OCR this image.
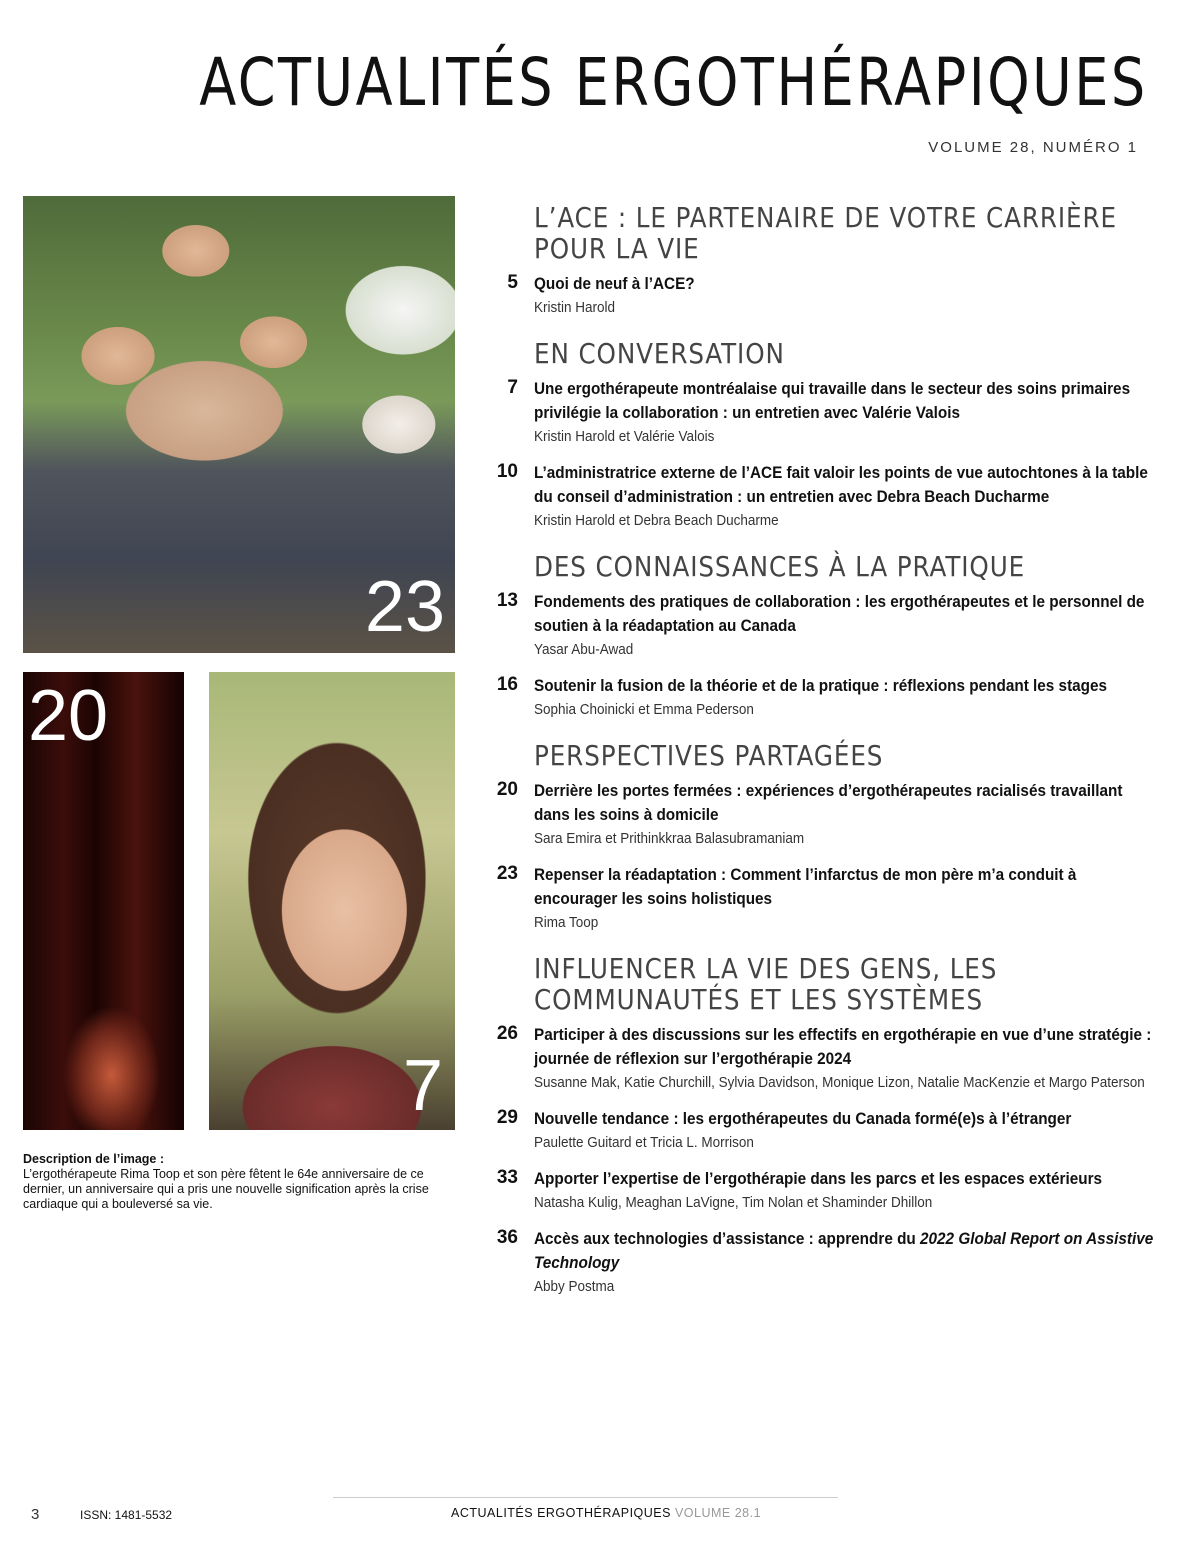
ACTUALITÉS ERGOTHÉRAPIQUES
VOLUME 28, NUMÉRO 1
23
20
7
Description de l’image :
L’ergothérapeute Rima Toop et son père fêtent le 64e anniversaire de ce dernier, un anniversaire qui a pris une nouvelle signification après la crise cardiaque qui a bouleversé sa vie.
L’ACE : LE PARTENAIRE DE VOTRE CARRIÈRE POUR LA VIE
5 Quoi de neuf à l’ACE?
Kristin Harold
EN CONVERSATION
7 Une ergothérapeute montréalaise qui travaille dans le secteur des soins primaires privilégie la collaboration : un entretien avec Valérie Valois
Kristin Harold et Valérie Valois
10 L’administratrice externe de l’ACE fait valoir les points de vue autochtones à la table du conseil d’administration : un entretien avec Debra Beach Ducharme
Kristin Harold et Debra Beach Ducharme
DES CONNAISSANCES À LA PRATIQUE
13 Fondements des pratiques de collaboration : les ergothérapeutes et le personnel de soutien à la réadaptation au Canada
Yasar Abu-Awad
16 Soutenir la fusion de la théorie et de la pratique : réflexions pendant les stages
Sophia Choinicki et Emma Pederson
PERSPECTIVES PARTAGÉES
20 Derrière les portes fermées : expériences d’ergothérapeutes racialisés travaillant dans les soins à domicile
Sara Emira et Prithinkkraa Balasubramaniam
23 Repenser la réadaptation : Comment l’infarctus de mon père m’a conduit à encourager les soins holistiques
Rima Toop
INFLUENCER LA VIE DES GENS, LES COMMUNAUTÉS ET LES SYSTÈMES
26 Participer à des discussions sur les effectifs en ergothérapie en vue d’une stratégie : journée de réflexion sur l’ergothérapie 2024
Susanne Mak, Katie Churchill, Sylvia Davidson, Monique Lizon, Natalie MacKenzie et Margo Paterson
29 Nouvelle tendance : les ergothérapeutes du Canada formé(e)s à l’étranger
Paulette Guitard et Tricia L. Morrison
33 Apporter l’expertise de l’ergothérapie dans les parcs et les espaces extérieurs
Natasha Kulig, Meaghan LaVigne, Tim Nolan et Shaminder Dhillon
36 Accès aux technologies d’assistance : apprendre du 2022 Global Report on Assistive Technology
Abby Postma
3	ISSN: 1481-5532	ACTUALITÉS ERGOTHÉRAPIQUES VOLUME 28.1
